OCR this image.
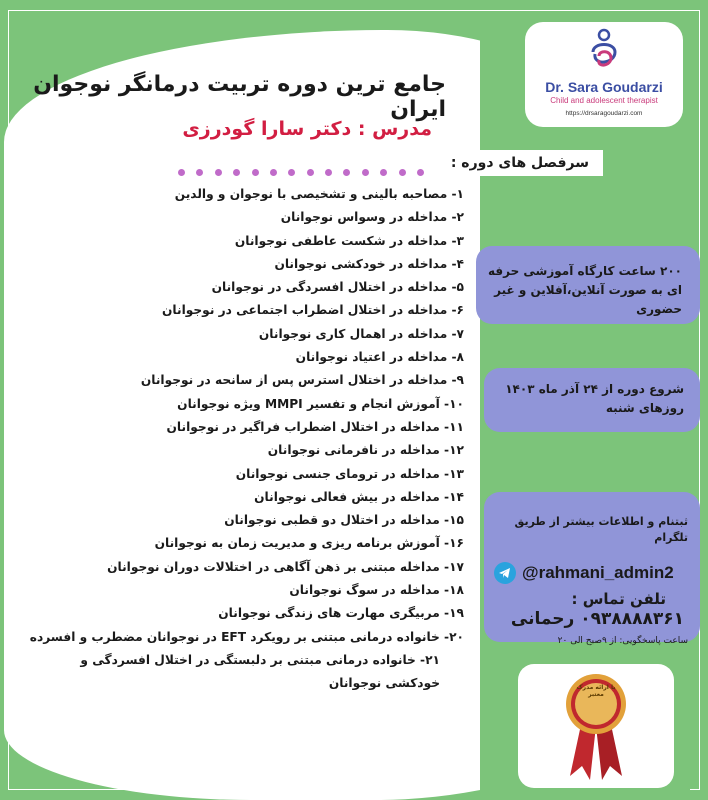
جامع ترین دوره تربیت درمانگر نوجوان ایران
مدرس : دکتر سارا گودرزی
سرفصل های دوره :
۱- مصاحبه بالینی و تشخیصی با نوجوان و والدین
۲- مداخله در وسواس نوجوانان
۳- مداخله در شکست عاطفی نوجوانان
۴- مداخله در خودکشی نوجوانان
۵- مداخله در اختلال افسردگی در نوجوانان
۶- مداخله در اختلال اضطراب اجتماعی در نوجوانان
۷- مداخله در اهمال کاری نوجوانان
۸- مداخله در اعتیاد نوجوانان
۹- مداخله در اختلال استرس پس از سانحه در نوجوانان
۱۰- آموزش انجام و تفسیر MMPI ویژه نوجوانان
۱۱- مداخله در اختلال اضطراب فراگیر در نوجوانان
۱۲- مداخله در نافرمانی نوجوانان
۱۳- مداخله در ترومای جنسی نوجوانان
۱۴- مداخله در بیش فعالی نوجوانان
۱۵- مداخله در اختلال دو قطبی نوجوانان
۱۶- آموزش برنامه ریزی و مدیریت زمان به نوجوانان
۱۷- مداخله مبتنی بر ذهن آگاهی در اختلالات دوران نوجوانان
۱۸- مداخله در سوگ نوجوانان
۱۹- مربیگری مهارت های زندگی نوجوانان
۲۰- خانواده درمانی مبتنی بر رویکرد EFT در نوجوانان مضطرب و افسرده
۲۱- خانواده درمانی مبتنی بر دلبستگی در اختلال افسردگی و خودکشی نوجوانان
Dr. Sara Goudarzi
Child and adolescent therapist
https://drsaragoudarzi.com
۲۰۰ ساعت کارگاه آموزشی حرفه ای به صورت آنلاین،آفلاین و غیر حضوری
شروع دوره از ۲۴ آذر ماه ۱۴۰۳ روزهای شنبه
ثبتنام و اطلاعات بیشتر از طریق تلگرام
@rahmani_admin2
تلفن تماس :
۰۹۳۸۸۸۸۳۶۱ رحمانی
ساعت پاسخگویی: از ۹صبح الی ۲۰
با ارائه مدرک معتبر
